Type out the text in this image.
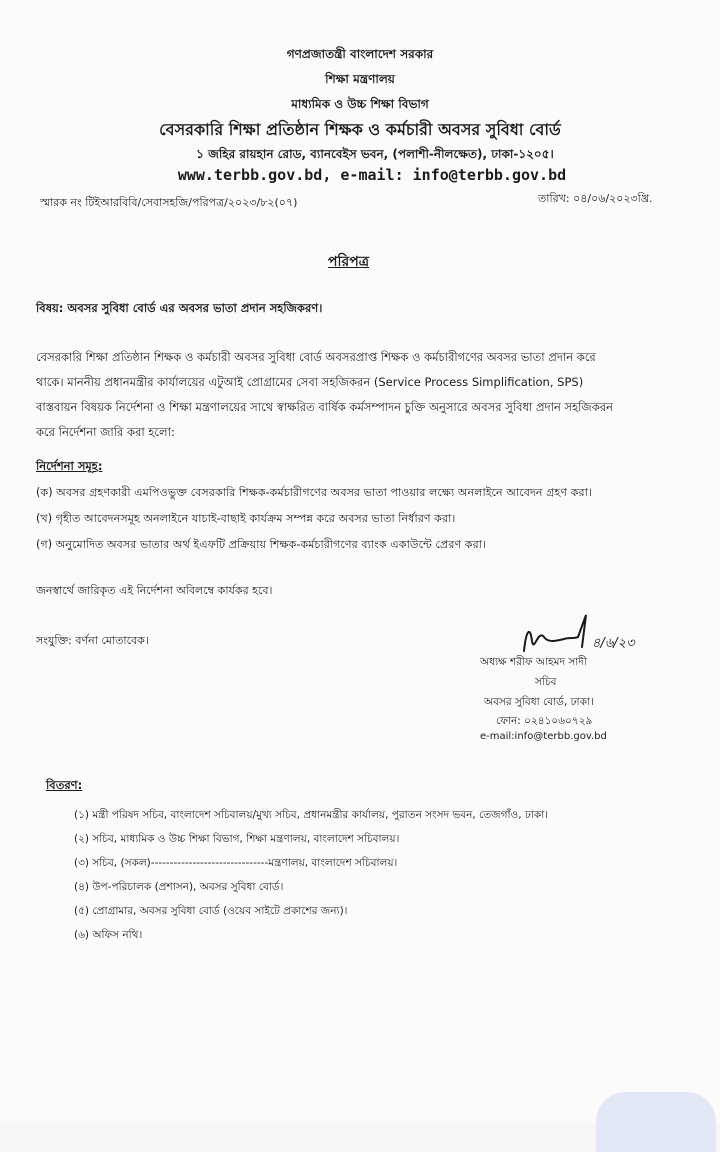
গণপ্রজাতন্ত্রী বাংলাদেশ সরকার
শিক্ষা মন্ত্রণালয়
মাধ্যমিক ও উচ্চ শিক্ষা বিভাগ
বেসরকারি শিক্ষা প্রতিষ্ঠান শিক্ষক ও কর্মচারী অবসর সুবিধা বোর্ড
১ জহির রায়হান রোড, ব্যানবেইস ভবন, (পলাশী-নীলক্ষেত), ঢাকা-১২০৫।
www.terbb.gov.bd, e-mail: info@terbb.gov.bd
স্মারক নং টিইআরবিবি/সেবাসহজি/পরিপত্র/২০২৩/৮২(০৭)	তারিখ: ০৪/০৬/২০২৩খ্রি.
পরিপত্র
বিষয়: অবসর সুবিধা বোর্ড এর অবসর ভাতা প্রদান সহজিকরণ।
বেসরকারি শিক্ষা প্রতিষ্ঠান শিক্ষক ও কর্মচারী অবসর সুবিধা বোর্ড অবসরপ্রাপ্ত শিক্ষক ও কর্মচারীগণের অবসর ভাতা প্রদান করে
থাকে। মাননীয় প্রধানমন্ত্রীর কার্যালয়ের এটুআই প্রোগ্রামের সেবা সহজিকরন (Service Process Simplification, SPS)
বাস্তবায়ন বিষয়ক নির্দেশনা ও শিক্ষা মন্ত্রণালয়ের সাথে স্বাক্ষরিত বার্ষিক কর্মসম্পাদন চুক্তি অনুসারে অবসর সুবিধা প্রদান সহজিকরন
করে নির্দেশনা জারি করা হলো:
নির্দেশনা সমূহ:
(ক) অবসর গ্রহণকারী এমপিওভুক্ত বেসরকারি শিক্ষক-কর্মচারীগণের অবসর ভাতা পাওয়ার লক্ষ্যে অনলাইনে আবেদন গ্রহণ করা।
(খ) গৃহীত আবেদনসমূহ অনলাইনে যাচাই-বাছাই কার্যক্রম সম্পন্ন করে অবসর ভাতা নির্ধারণ করা।
(গ) অনুমোদিত অবসর ভাতার অর্থ ইএফটি প্রক্রিয়ায় শিক্ষক-কর্মচারীগণের ব্যাংক একাউন্টে প্রেরণ করা।
জনস্বার্থে জারিকৃত এই নির্দেশনা অবিলম্বে কার্যকর হবে।
সংযুক্তি: বর্ণনা মোতাবেক।	৪/৬/২৩
অধ্যক্ষ শরীফ আহমদ সাদী
সচিব
অবসর সুবিধা বোর্ড, ঢাকা।
ফোন: ০২৪১০৬০৭২৯
e-mail:info@terbb.gov.bd
বিতরণ:
(১) মন্ত্রী পরিষদ সচিব, বাংলাদেশ সচিবালয়/মুখ্য সচিব, প্রধানমন্ত্রীর কার্যালয়, পুরাতন সংসদ ভবন, তেজগাঁও, ঢাকা।
(২) সচিব, মাধ্যমিক ও উচ্চ শিক্ষা বিভাগ, শিক্ষা মন্ত্রণালয়, বাংলাদেশ সচিবালয়।
(৩) সচিব, (সকল)-------------------------------মন্ত্রণালয়, বাংলাদেশ সচিবালয়।
(৪) উপ-পরিচালক (প্রশাসন), অবসর সুবিধা বোর্ড।
(৫) প্রোগ্রামার, অবসর সুবিধা বোর্ড (ওয়েব সাইটে প্রকাশের জন্য)।
(৬) অফিস নথি।
